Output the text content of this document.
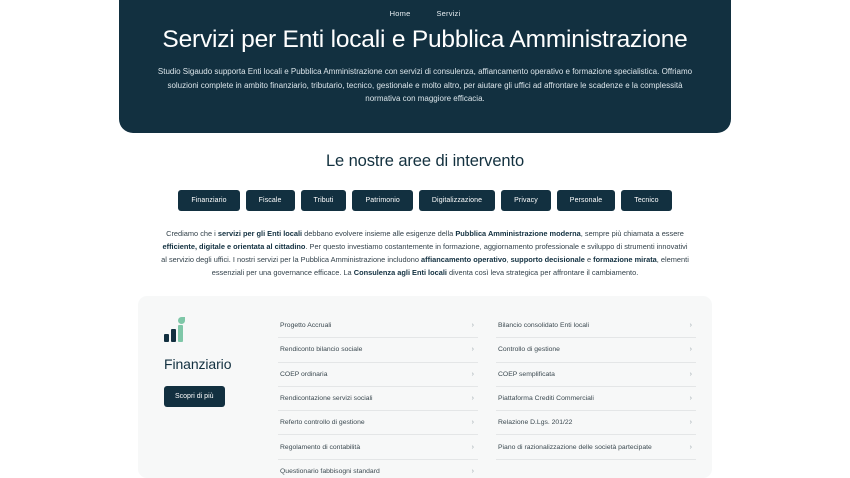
Home	Servizi
Servizi per Enti locali e Pubblica Amministrazione

Studio Sigaudo supporta Enti locali e Pubblica Amministrazione con servizi di consulenza, affiancamento operativo e formazione specialistica. Offriamo soluzioni complete in ambito finanziario, tributario, tecnico, gestionale e molto altro, per aiutare gli uffici ad affrontare le scadenze e la complessità normativa con maggiore efficacia.

Le nostre aree di intervento
Finanziario	Fiscale	Tributi	Patrimonio	Digitalizzazione	Privacy	Personale	Tecnico

Crediamo che i servizi per gli Enti locali debbano evolvere insieme alle esigenze della Pubblica Amministrazione moderna, sempre più chiamata a essere efficiente, digitale e orientata al cittadino. Per questo investiamo costantemente in formazione, aggiornamento professionale e sviluppo di strumenti innovativi al servizio degli uffici. I nostri servizi per la Pubblica Amministrazione includono affiancamento operativo, supporto decisionale e formazione mirata, elementi essenziali per una governance efficace. La Consulenza agli Enti locali diventa così leva strategica per affrontare il cambiamento.

Finanziario
Scopri di più
Progetto Accruali	›
Rendiconto bilancio sociale	›
COEP ordinaria	›
Rendicontazione servizi sociali	›
Referto controllo di gestione	›
Regolamento di contabilità	›
Questionario fabbisogni standard	›
Bilancio consolidato Enti locali	›
Controllo di gestione	›
COEP semplificata	›
Piattaforma Crediti Commerciali	›
Relazione D.Lgs. 201/22	›
Piano di razionalizzazione delle società partecipate	›
